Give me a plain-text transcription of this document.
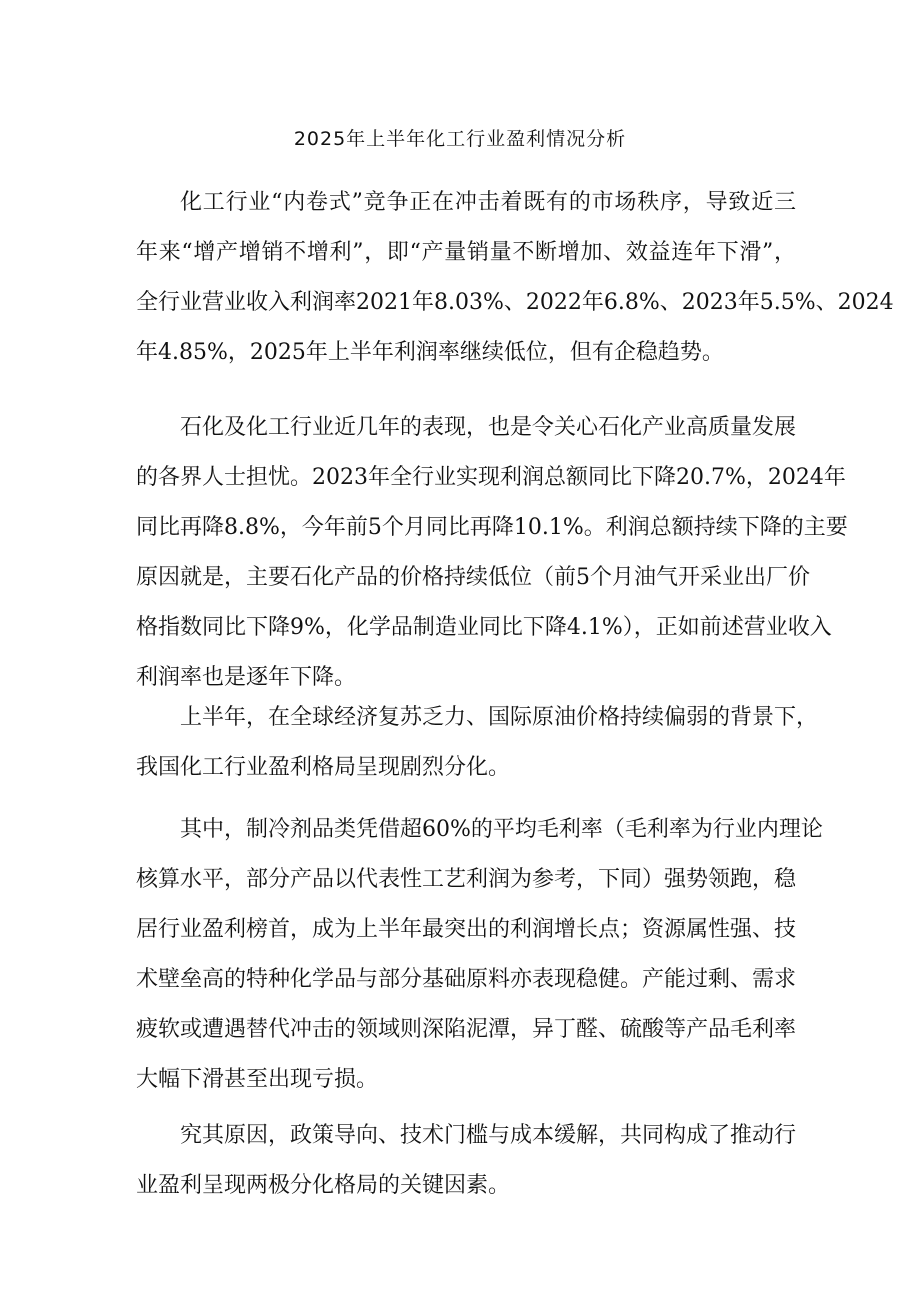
2025年上半年化工行业盈利情况分析
化工行业“内卷式”竞争正在冲击着既有的市场秩序，导致近三
年来“增产增销不增利”，即“产量销量不断增加、效益连年下滑”，
全行业营业收入利润率2021年8.03%、2022年6.8%、2023年5.5%、2024
年4.85%，2025年上半年利润率继续低位，但有企稳趋势。
石化及化工行业近几年的表现，也是令关心石化产业高质量发展
的各界人士担忧。2023年全行业实现利润总额同比下降20.7%，2024年
同比再降8.8%，今年前5个月同比再降10.1%。利润总额持续下降的主要
原因就是，主要石化产品的价格持续低位（前5个月油气开采业出厂价
格指数同比下降9%，化学品制造业同比下降4.1%），正如前述营业收入
利润率也是逐年下降。
上半年，在全球经济复苏乏力、国际原油价格持续偏弱的背景下，
我国化工行业盈利格局呈现剧烈分化。
其中，制冷剂品类凭借超60%的平均毛利率（毛利率为行业内理论
核算水平，部分产品以代表性工艺利润为参考，下同）强势领跑，稳
居行业盈利榜首，成为上半年最突出的利润增长点；资源属性强、技
术壁垒高的特种化学品与部分基础原料亦表现稳健。产能过剩、需求
疲软或遭遇替代冲击的领域则深陷泥潭，异丁醛、硫酸等产品毛利率
大幅下滑甚至出现亏损。
究其原因，政策导向、技术门槛与成本缓解，共同构成了推动行
业盈利呈现两极分化格局的关键因素。
